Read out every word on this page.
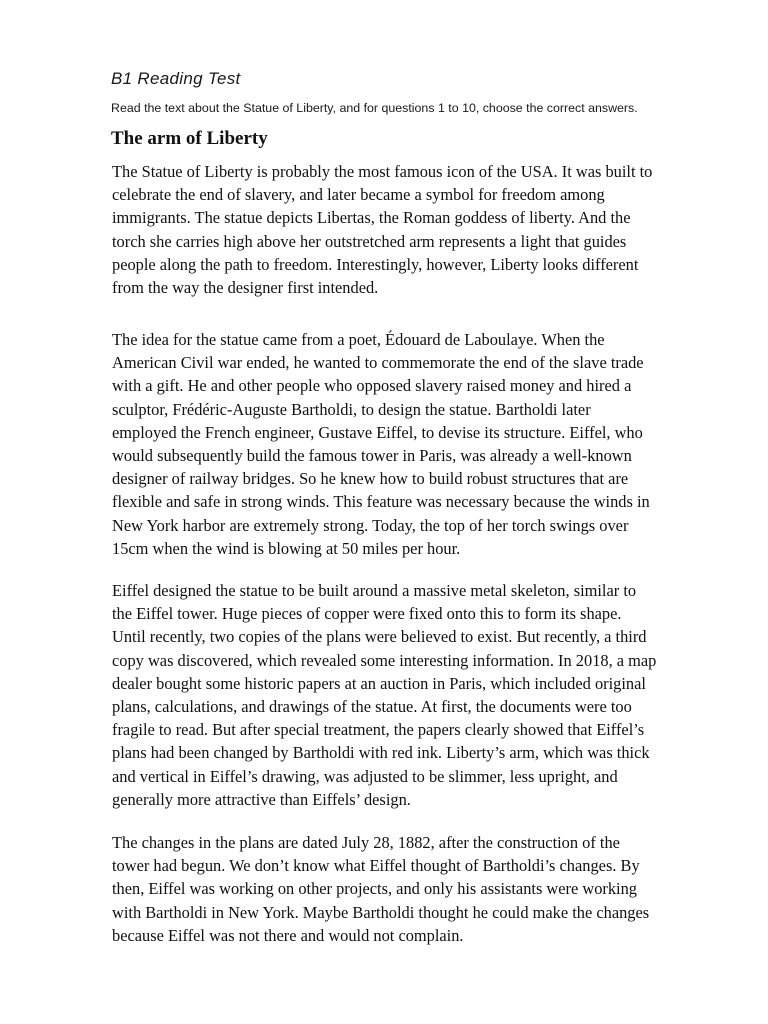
B1 Reading Test
Read the text about the Statue of Liberty, and for questions 1 to 10, choose the correct answers.
The arm of Liberty
The Statue of Liberty is probably the most famous icon of the USA. It was built to
celebrate the end of slavery, and later became a symbol for freedom among
immigrants. The statue depicts Libertas, the Roman goddess of liberty. And the
torch she carries high above her outstretched arm represents a light that guides
people along the path to freedom. Interestingly, however, Liberty looks different
from the way the designer first intended.
The idea for the statue came from a poet, Édouard de Laboulaye. When the
American Civil war ended, he wanted to commemorate the end of the slave trade
with a gift. He and other people who opposed slavery raised money and hired a
sculptor, Frédéric-Auguste Bartholdi, to design the statue. Bartholdi later
employed the French engineer, Gustave Eiffel, to devise its structure. Eiffel, who
would subsequently build the famous tower in Paris, was already a well-known
designer of railway bridges. So he knew how to build robust structures that are
flexible and safe in strong winds. This feature was necessary because the winds in
New York harbor are extremely strong. Today, the top of her torch swings over
15cm when the wind is blowing at 50 miles per hour.
Eiffel designed the statue to be built around a massive metal skeleton, similar to
the Eiffel tower. Huge pieces of copper were fixed onto this to form its shape.
Until recently, two copies of the plans were believed to exist. But recently, a third
copy was discovered, which revealed some interesting information. In 2018, a map
dealer bought some historic papers at an auction in Paris, which included original
plans, calculations, and drawings of the statue. At first, the documents were too
fragile to read. But after special treatment, the papers clearly showed that Eiffel’s
plans had been changed by Bartholdi with red ink. Liberty’s arm, which was thick
and vertical in Eiffel’s drawing, was adjusted to be slimmer, less upright, and
generally more attractive than Eiffels’ design.
The changes in the plans are dated July 28, 1882, after the construction of the
tower had begun. We don’t know what Eiffel thought of Bartholdi’s changes. By
then, Eiffel was working on other projects, and only his assistants were working
with Bartholdi in New York. Maybe Bartholdi thought he could make the changes
because Eiffel was not there and would not complain.
